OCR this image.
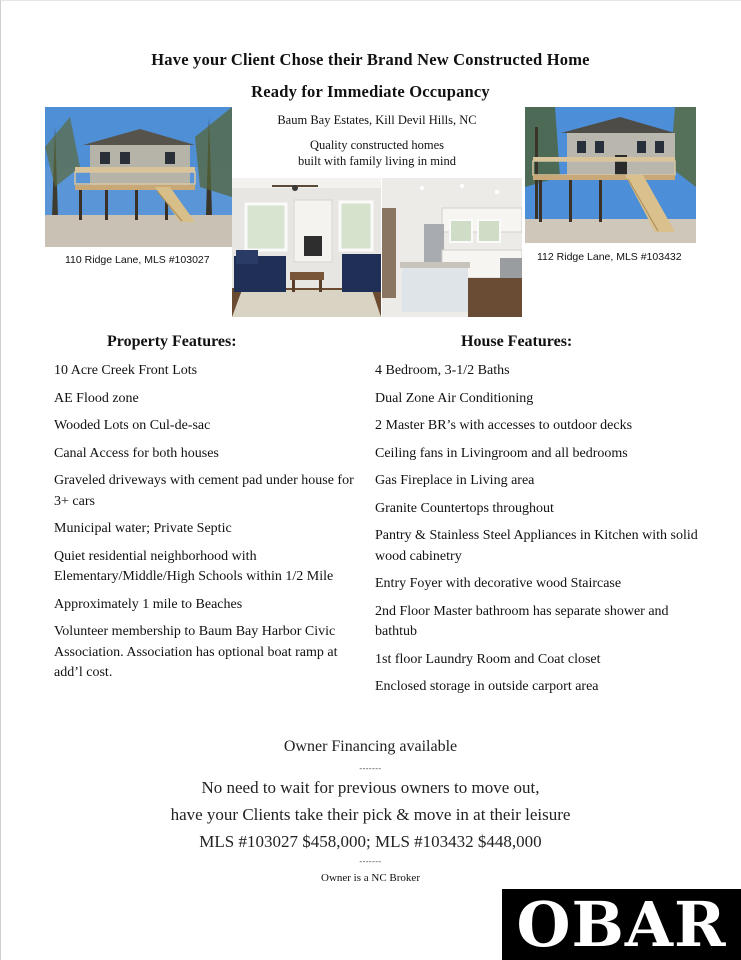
Have your Client Chose their Brand New Constructed Home
Ready for Immediate Occupancy
110 Ridge Lane, MLS #103027
Baum Bay Estates, Kill Devil Hills, NC
Quality constructed homes
built with family living in mind
112 Ridge Lane, MLS #103432
Property Features:	House Features:
10 Acre Creek Front Lots
AE Flood zone
Wooded Lots on Cul-de-sac
Canal Access for both houses
Graveled driveways with cement pad under house for 3+ cars
Municipal water; Private Septic
Quiet residential neighborhood with Elementary/Middle/High Schools within 1/2 Mile
Approximately 1 mile to Beaches
Volunteer membership to Baum Bay Harbor Civic Association. Association has optional boat ramp at add’l cost.
4 Bedroom, 3-1/2 Baths
Dual Zone Air Conditioning
2 Master BR’s with accesses to outdoor decks
Ceiling fans in Livingroom and all bedrooms
Gas Fireplace in Living area
Granite Countertops throughout
Pantry & Stainless Steel Appliances in Kitchen with solid wood cabinetry
Entry Foyer with decorative wood Staircase
2nd Floor Master bathroom has separate shower and bathtub
1st floor Laundry Room and Coat closet
Enclosed storage in outside carport area
Owner Financing available
-------
No need to wait for previous owners to move out,
have your Clients take their pick & move in at their leisure
MLS #103027 $458,000; MLS #103432 $448,000
-------
Owner is a NC Broker
OBAR
